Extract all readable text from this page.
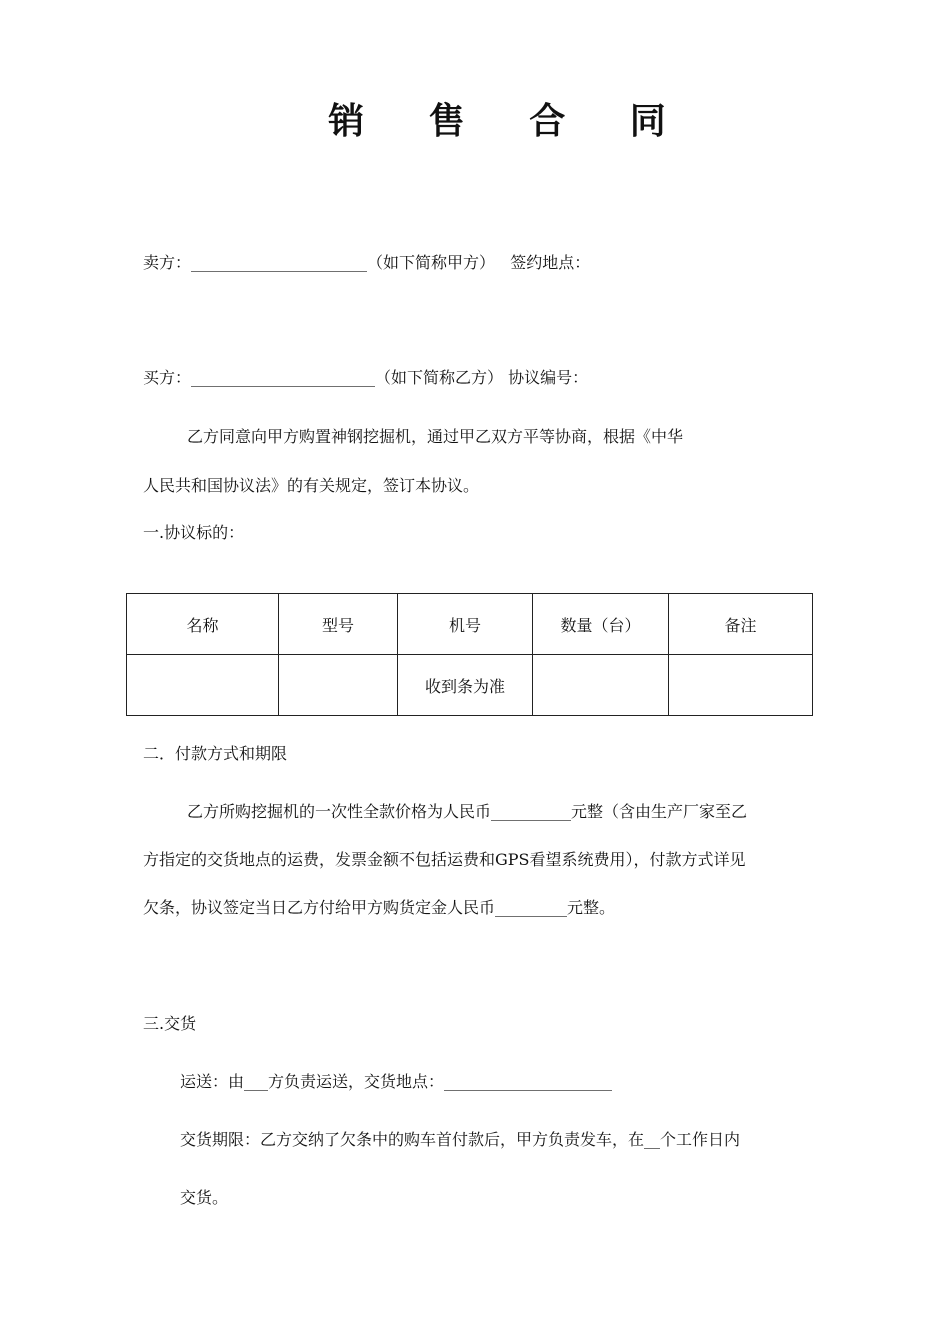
销 售 合 同
卖方：______________________（如下简称甲方）   签约地点：
买方：_______________________（如下简称乙方） 协议编号：
乙方同意向甲方购置神钢挖掘机，通过甲乙双方平等协商，根据《中华
人民共和国协议法》的有关规定，签订本协议。
一.协议标的：
名称	型号	机号	数量（台）	备注
		收到条为准		
二．付款方式和期限
乙方所购挖掘机的一次性全款价格为人民币__________元整（含由生产厂家至乙
方指定的交货地点的运费，发票金额不包括运费和GPS看望系统费用），付款方式详见
欠条，协议签定当日乙方付给甲方购货定金人民币_________元整。
三.交货
运送：由___方负责运送，交货地点：_____________________
交货期限：乙方交纳了欠条中的购车首付款后，甲方负责发车，在__个工作日内
交货。
